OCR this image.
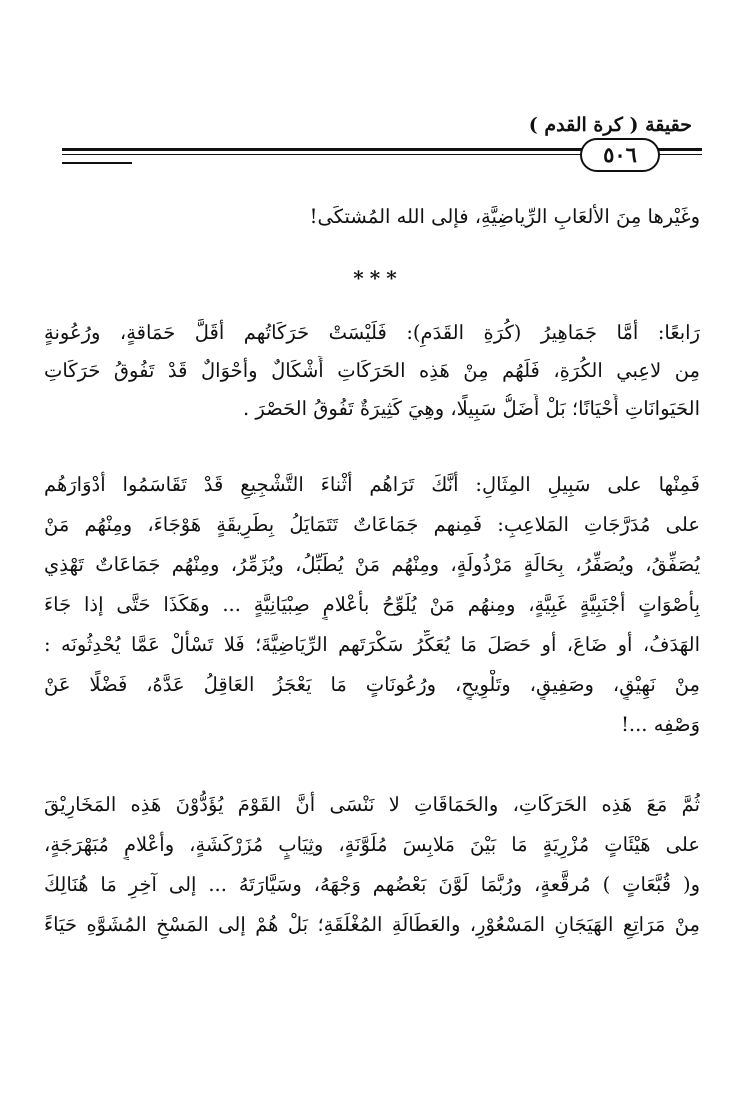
حقيقة ( كرة القدم )
٥٠٦
وغَيْرها مِنَ الألعَابِ الرِّياضِيَّةِ، فإلى الله المُشتكَى!
***
رَابعًا: أمَّا جَمَاهِيرُ (كُرَةِ القَدَمِ): فَلَيْسَتْ حَرَكَاتُهم أقَلَّ حَمَاقةٍ، ورُعُونةٍ
مِن لاعِبي الكُرَةِ، فَلَهُم مِنْ هَذِه الحَرَكَاتِ أَشْكَالٌ وأحْوَالٌ قَدْ تَفُوقُ حَرَكَاتِ
الحَيَوانَاتِ أَحْيَانًا؛ بَلْ أَضَلُّ سَبِيلًا، وهِيَ كَثِيرَةٌ تَفُوقُ الحَصْرَ .
فَمِنْها على سَبِيلِ المِثَالِ: أنَّكَ تَرَاهُم أثْناءَ التَّشْجِيعِ قَدْ تَقَاسَمُوا أدْوَارَهُم
على مُدَرَّجَاتِ المَلاعِبِ: فَمِنهم جَمَاعَاتٌ تَتَمَايَلُ بِطَرِيقَةٍ هَوْجَاءَ، ومِنْهُم مَنْ
يُصَفِّقُ، ويُصَفِّرُ، بِحَالَةٍ مَرْذُولَةٍ، ومِنْهُم مَنْ يُطَبِّلُ، ويُزَمِّرُ، ومِنْهُم جَمَاعَاتٌ تَهْذِي
بِأصْوَاتٍ أجْنَبِيَّةٍ غَبِيَّةٍ، ومِنهُم مَنْ يُلَوِّحُ بأعْلامٍ صِبْيَانِيَّةٍ ... وهَكَذَا حَتَّى إذا جَاءَ
الهَدَفُ، أو ضَاعَ، أو حَصَلَ مَا يُعَكِّرُ سَكْرَتَهم الرِّيَاضِيَّةَ؛ فَلا تَسْأَلْ عَمَّا يُحْدِثُونَه :
مِنْ نَهِيْقٍ، وصَفِيقٍ، وتَلْوِيحٍ، ورُعُونَاتٍ مَا يَعْجَزُ العَاقِلُ عَدَّهُ، فَضْلًا عَنْ
وَصْفِه ...!
ثُمَّ مَعَ هَذِه الحَرَكَاتِ، والحَمَاقَاتِ لا نَنْسَى أنَّ القَوْمَ يُؤَدُّوْنَ هَذِه المَخَارِيْقَ
على هَيْئَاتٍ مُزْرِيَةٍ مَا بَيْنَ مَلابِسَ مُلَوَّنَةٍ، وثِيَابٍ مُزَرْكَشَةٍ، وأعْلامٍ مُبَهْرَجَةٍ،
و( قُبَّعَاتٍ ) مُرقَّعةٍ، ورُبَّمَا لَوَّنَ بَعْضُهم وَجْهَهُ، وسَيَّارَتَهُ ... إلى آخِرِ مَا هُنَالِكَ
مِنْ مَرَاتِعِ الهَيَجَانِ المَسْعُوْرِ، والعَطَالَةِ المُغْلَقَةِ؛ بَلْ هُمْ إلى المَسْخِ المُشَوَّهِ حَيَاءً
